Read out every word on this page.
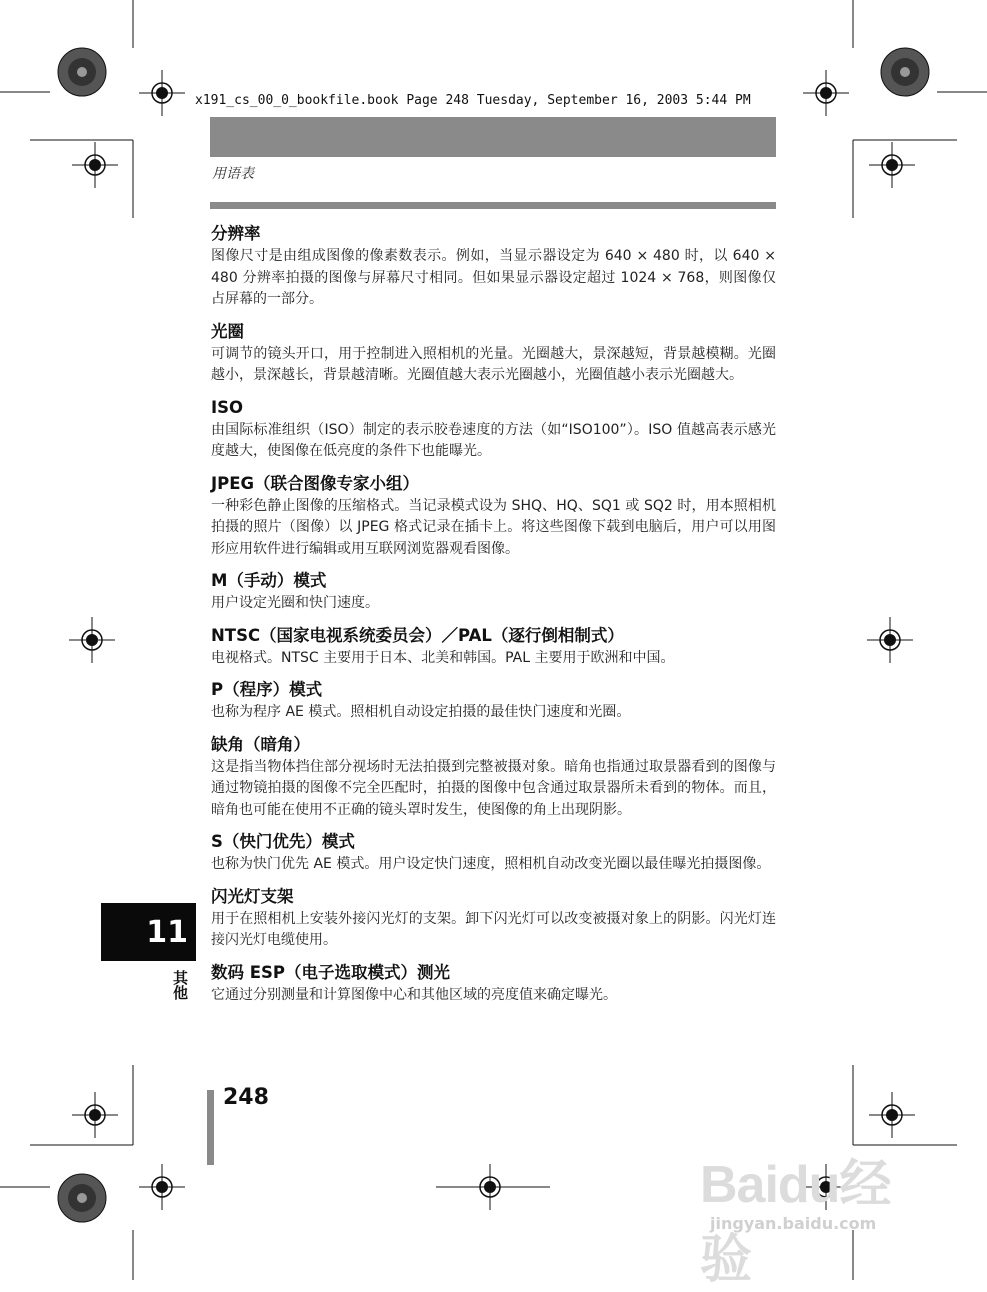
x191_cs_00_0_bookfile.book Page 248 Tuesday, September 16, 2003 5:44 PM
用语表
分辨率
图像尺寸是由组成图像的像素数表示。例如，当显示器设定为 640 × 480 时，以 640 × 480 分辨率拍摄的图像与屏幕尺寸相同。但如果显示器设定超过 1024 × 768，则图像仅占屏幕的一部分。
光圈
可调节的镜头开口，用于控制进入照相机的光量。光圈越大，景深越短，背景越模糊。光圈越小，景深越长，背景越清晰。光圈值越大表示光圈越小，光圈值越小表示光圈越大。
ISO
由国际标准组织（ISO）制定的表示胶卷速度的方法（如“ISO100”）。ISO 值越高表示感光度越大，使图像在低亮度的条件下也能曝光。
JPEG（联合图像专家小组）
一种彩色静止图像的压缩格式。当记录模式设为 SHQ、HQ、SQ1 或 SQ2 时，用本照相机拍摄的照片（图像）以 JPEG 格式记录在插卡上。将这些图像下载到电脑后，用户可以用图形应用软件进行编辑或用互联网浏览器观看图像。
M（手动）模式
用户设定光圈和快门速度。
NTSC（国家电视系统委员会）／PAL（逐行倒相制式）
电视格式。NTSC 主要用于日本、北美和韩国。PAL 主要用于欧洲和中国。
P（程序）模式
也称为程序 AE 模式。照相机自动设定拍摄的最佳快门速度和光圈。
缺角（暗角）
这是指当物体挡住部分视场时无法拍摄到完整被摄对象。暗角也指通过取景器看到的图像与通过物镜拍摄的图像不完全匹配时，拍摄的图像中包含通过取景器所未看到的物体。而且，暗角也可能在使用不正确的镜头罩时发生，使图像的角上出现阴影。
S（快门优先）模式
也称为快门优先 AE 模式。用户设定快门速度，照相机自动改变光圈以最佳曝光拍摄图像。
闪光灯支架
用于在照相机上安装外接闪光灯的支架。卸下闪光灯可以改变被摄对象上的阴影。闪光灯连接闪光灯电缆使用。
数码 ESP（电子选取模式）测光
它通过分别测量和计算图像中心和其他区域的亮度值来确定曝光。
11
其他
248
Baidu经验
jingyan.baidu.com
